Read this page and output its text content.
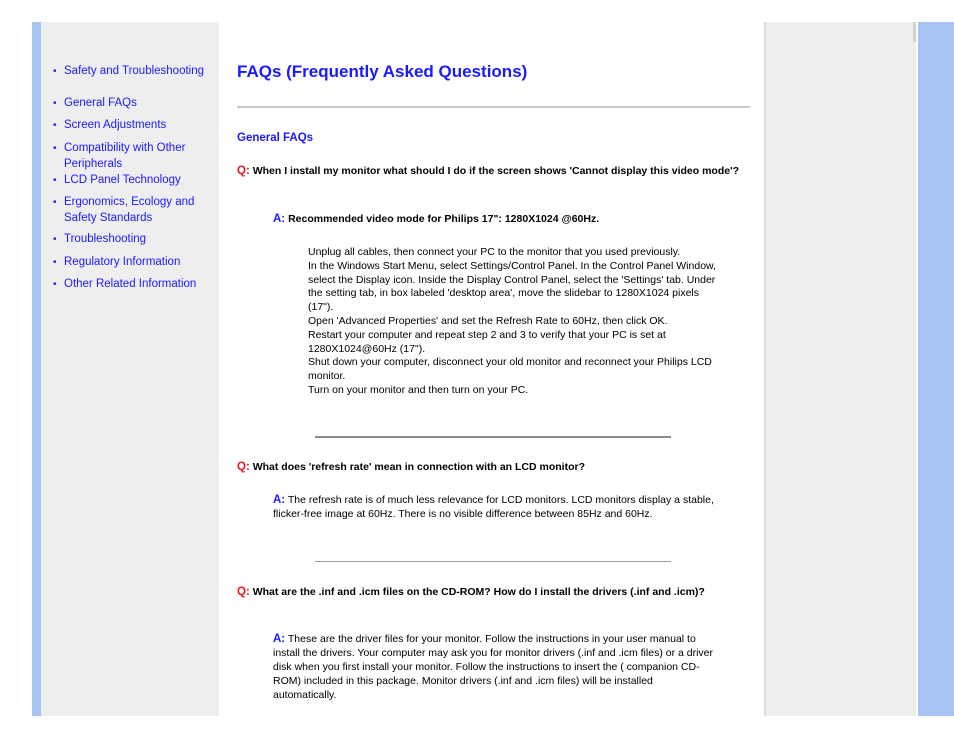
• Safety and Troubleshooting
• General FAQs
• Screen Adjustments
• Compatibility with Other Peripherals
• LCD Panel Technology
• Ergonomics, Ecology and Safety Standards
• Troubleshooting
• Regulatory Information
• Other Related Information
FAQs (Frequently Asked Questions)
General FAQs
Q: When I install my monitor what should I do if the screen shows 'Cannot display this video mode'?
A: Recommended video mode for Philips 17": 1280X1024 @60Hz.

Unplug all cables, then connect your PC to the monitor that you used previously.

In the Windows Start Menu, select Settings/Control Panel. In the Control Panel Window, select the Display icon. Inside the Display Control Panel, select the 'Settings' tab. Under the setting tab, in box labeled 'desktop area', move the slidebar to 1280X1024 pixels (17").

Open 'Advanced Properties' and set the Refresh Rate to 60Hz, then click OK.

Restart your computer and repeat step 2 and 3 to verify that your PC is set at 1280X1024@60Hz (17").

Shut down your computer, disconnect your old monitor and reconnect your Philips LCD monitor.

Turn on your monitor and then turn on your PC.

Q: What does 'refresh rate' mean in connection with an LCD monitor?
A: The refresh rate is of much less relevance for LCD monitors. LCD monitors display a stable, flicker-free image at 60Hz. There is no visible difference between 85Hz and 60Hz.
Q: What are the .inf and .icm files on the CD-ROM? How do I install the drivers (.inf and .icm)?
A: These are the driver files for your monitor. Follow the instructions in your user manual to install the drivers. Your computer may ask you for monitor drivers (.inf and .icm files) or a driver disk when you first install your monitor. Follow the instructions to insert the ( companion CD-ROM) included in this package. Monitor drivers (.inf and .icm files) will be installed automatically.
